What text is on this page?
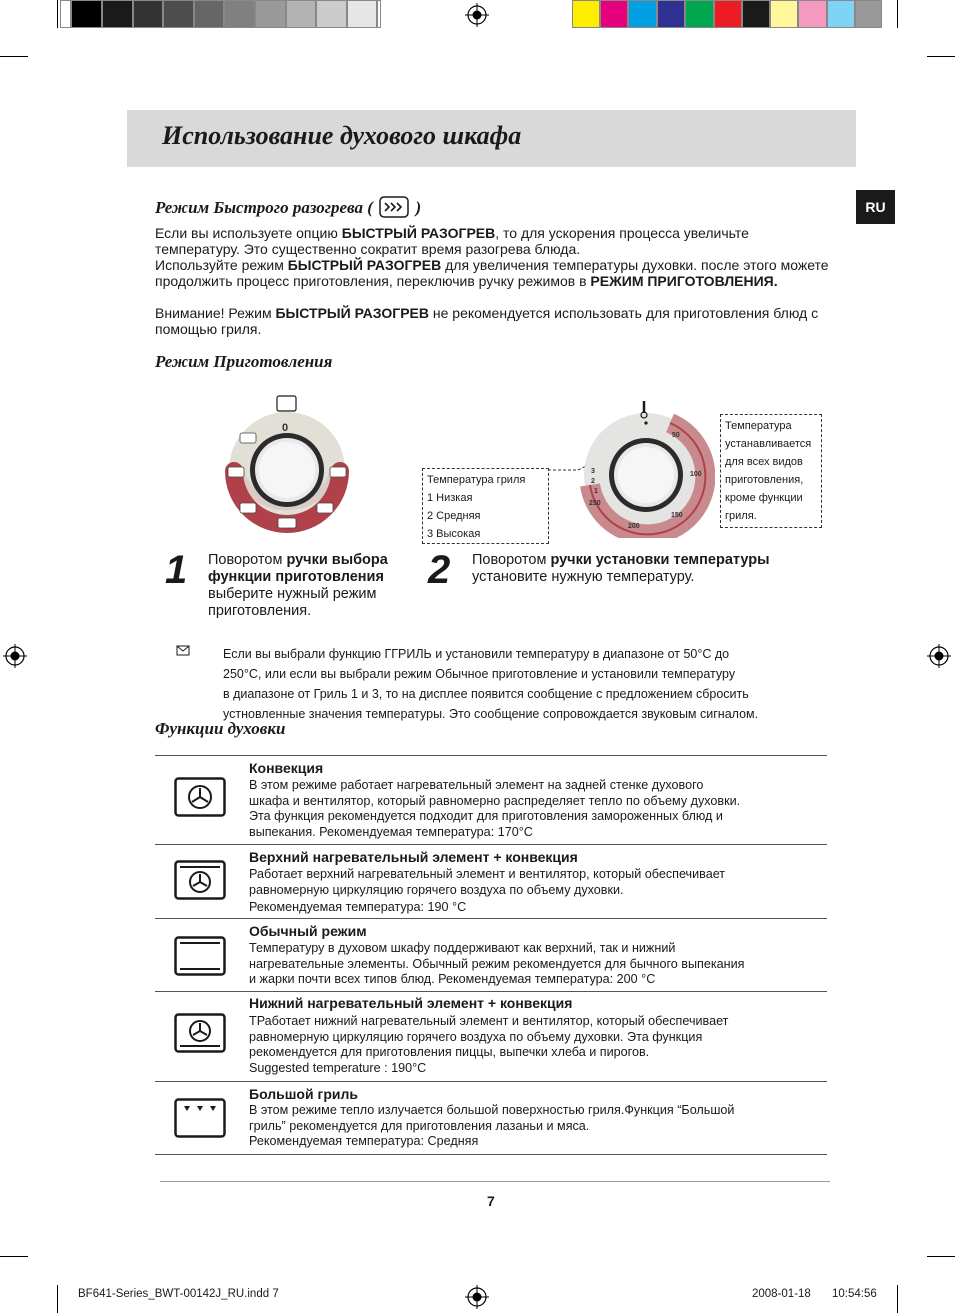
Использование духового шкафа
RU
Режим Быстрого разогрева (	)
Если вы используете опцию БЫСТРЫЙ РАЗОГРЕВ, то для ускорения процесса увеличьте температуру. Это существенно сократит время разогрева блюда.
Используйте режим БЫСТРЫЙ РАЗОГРЕВ для увеличения температуры духовки. после этого можете продолжить процесс приготовления, переключив ручку режимов в РЕЖИМ ПРИГОТОВЛЕНИЯ.
Внимание! Режим БЫСТРЫЙ РАЗОГРЕВ не рекомендуется использовать для приготовления блюд с помощью гриля.
Режим Приготовления
0
Температура гриля
1 Низкая
2 Средняя
3 Высокая
50
100
150
200
250
3
2
1
Температура
устанавливается
для всех видов
приготовления,
кроме функции
гриля.
1 Поворотом ручки выбора функции приготовления выберите нужный режим приготовления.
2 Поворотом ручки установки температуры установите нужную температуру.
Если вы выбрали функцию ГГРИЛЬ и установили температуру в диапазоне от 50°C до
250°C, или если вы выбрали режим Обычное приготовление и установили температуру
в диапазоне от Гриль 1 и 3, то на дисплее появится сообщение с предложением сбросить
устновленные значения температуры. Это сообщение сопровождается звуковым сигналом.
Функции духовки
Конвекция
В этом режиме работает нагревательный элемент на задней стенке духового
шкафа и вентилятор, который равномерно распределяет тепло по объему духовки.
Эта функция рекомендуется подходит для приготовления замороженных блюд и
выпекания. Рекомендуемая температура: 170°C
Верхний нагревательный элемент + конвекция
Работает верхний нагревательный элемент и вентилятор, который обеспечивает
равномерную циркуляцию горячего воздуха по объему духовки.
Рекомендуемая температура: 190 °C
Обычный режим
Температуру в духовом шкафу поддерживают как верхний, так и нижний
нагревательные элементы. Обычный режим рекомендуется для бычного выпекания
и жарки почти всех типов блюд. Рекомендуемая температура: 200 °C
Нижний нагревательный элемент + конвекция
TРаботает нижний нагревательный элемент и вентилятор, который обеспечивает
равномерную циркуляцию горячего воздуха по объему духовки. Эта функция
рекомендуется для приготовления пиццы, выпечки хлеба и пирогов.
Suggested temperature : 190°C
Большой гриль
В этом режиме тепло излучается большой поверхностью гриля.Функция “Большой
гриль” рекомендуется для приготовления лазаньи и мяса.
Рекомендуемая температура: Средняя
7
BF641-Series_BWT-00142J_RU.indd 7	2008-01-18 10:54:56
